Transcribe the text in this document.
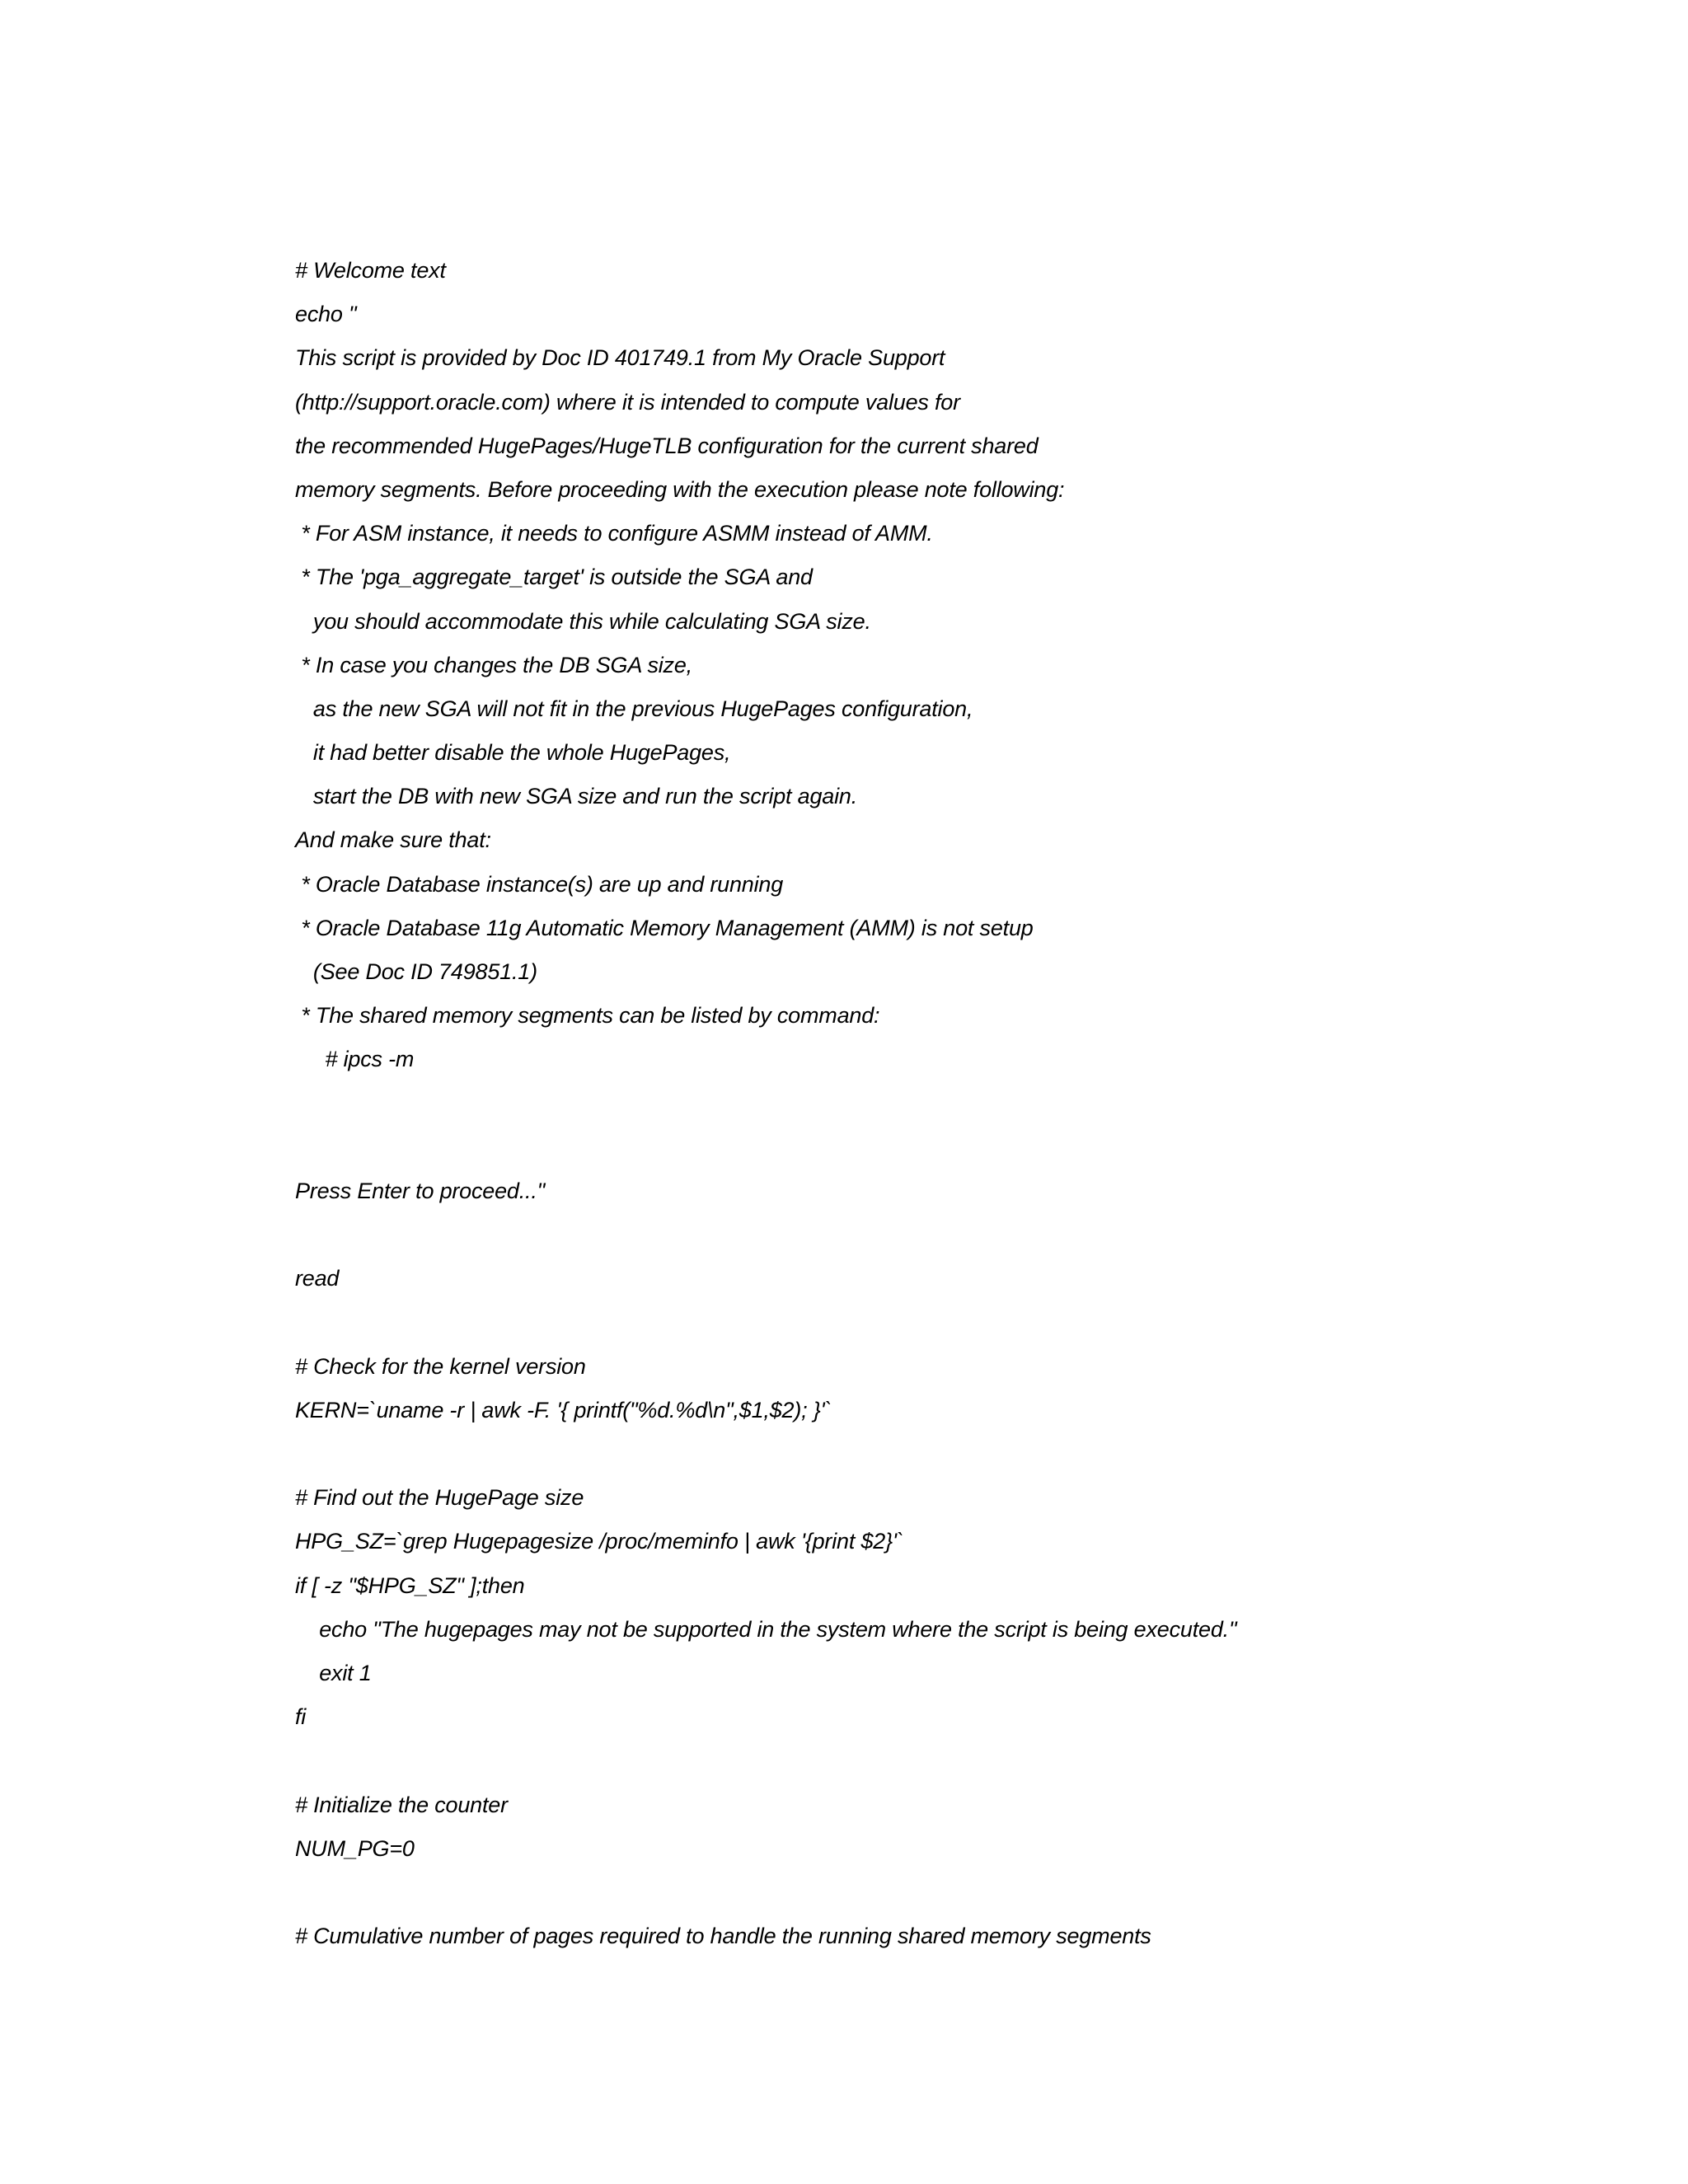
# Welcome text
echo "
This script is provided by Doc ID 401749.1 from My Oracle Support
(http://support.oracle.com) where it is intended to compute values for
the recommended HugePages/HugeTLB configuration for the current shared
memory segments. Before proceeding with the execution please note following:
* For ASM instance, it needs to configure ASMM instead of AMM.
* The 'pga_aggregate_target' is outside the SGA and
you should accommodate this while calculating SGA size.
* In case you changes the DB SGA size,
as the new SGA will not fit in the previous HugePages configuration,
it had better disable the whole HugePages,
start the DB with new SGA size and run the script again.
And make sure that:
* Oracle Database instance(s) are up and running
* Oracle Database 11g Automatic Memory Management (AMM) is not setup
(See Doc ID 749851.1)
* The shared memory segments can be listed by command:
# ipcs -m
Press Enter to proceed..."
read
# Check for the kernel version
KERN=`uname -r | awk -F. '{ printf("%d.%d\n",$1,$2); }'`
# Find out the HugePage size
HPG_SZ=`grep Hugepagesize /proc/meminfo | awk '{print $2}'`
if [ -z "$HPG_SZ" ];then
echo "The hugepages may not be supported in the system where the script is being executed."
exit 1
fi
# Initialize the counter
NUM_PG=0
# Cumulative number of pages required to handle the running shared memory segments
